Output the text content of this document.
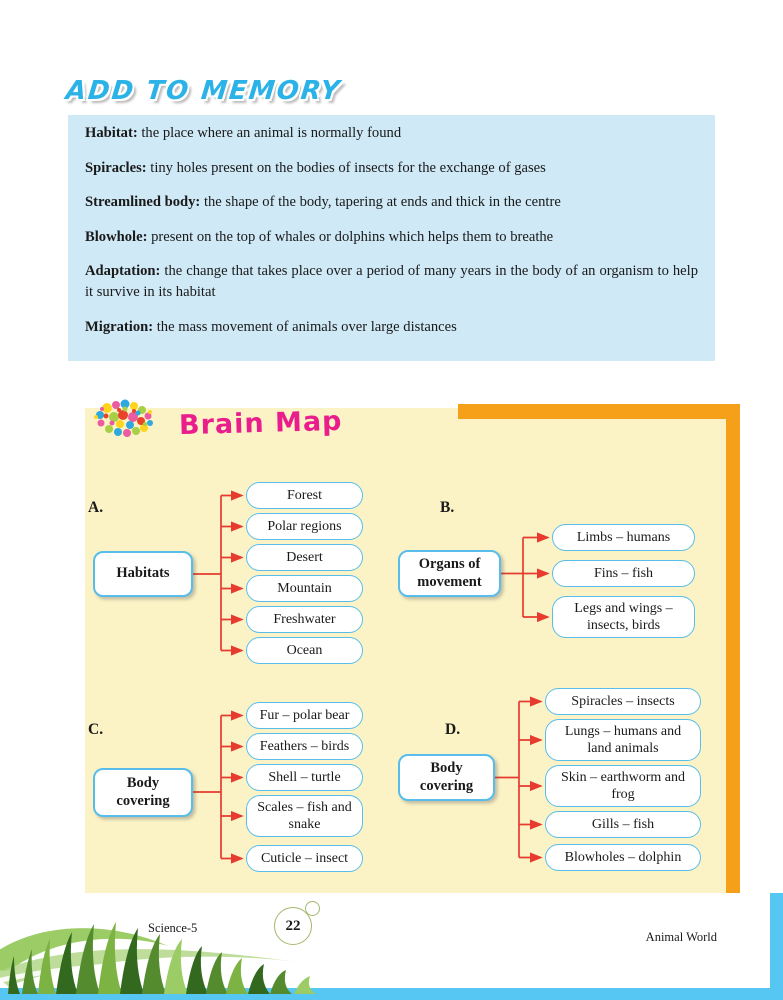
ADD TO MEMORY

Habitat: the place where an animal is normally found

Spiracles: tiny holes present on the bodies of insects for the exchange of gases

Streamlined body: the shape of the body, tapering at ends and thick in the centre

Blowhole: present on the top of whales or dolphins which helps them to breathe

Adaptation: the change that takes place over a period of many years in the body of an organism to help it survive in its habitat

Migration: the mass movement of animals over large distances

Brain Map
A.	B.
C.	D.
Habitats
Organs of movement
Body covering
Body covering
Forest
Polar regions
Desert
Mountain
Freshwater
Ocean
Limbs – humans
Fins – fish
Legs and wings – insects, birds
Fur – polar bear
Feathers – birds
Shell – turtle
Scales – fish and snake
Cuticle – insect
Spiracles – insects
Lungs – humans and land animals
Skin – earthworm and frog
Gills – fish
Blowholes – dolphin
Science-5	22
Animal World
